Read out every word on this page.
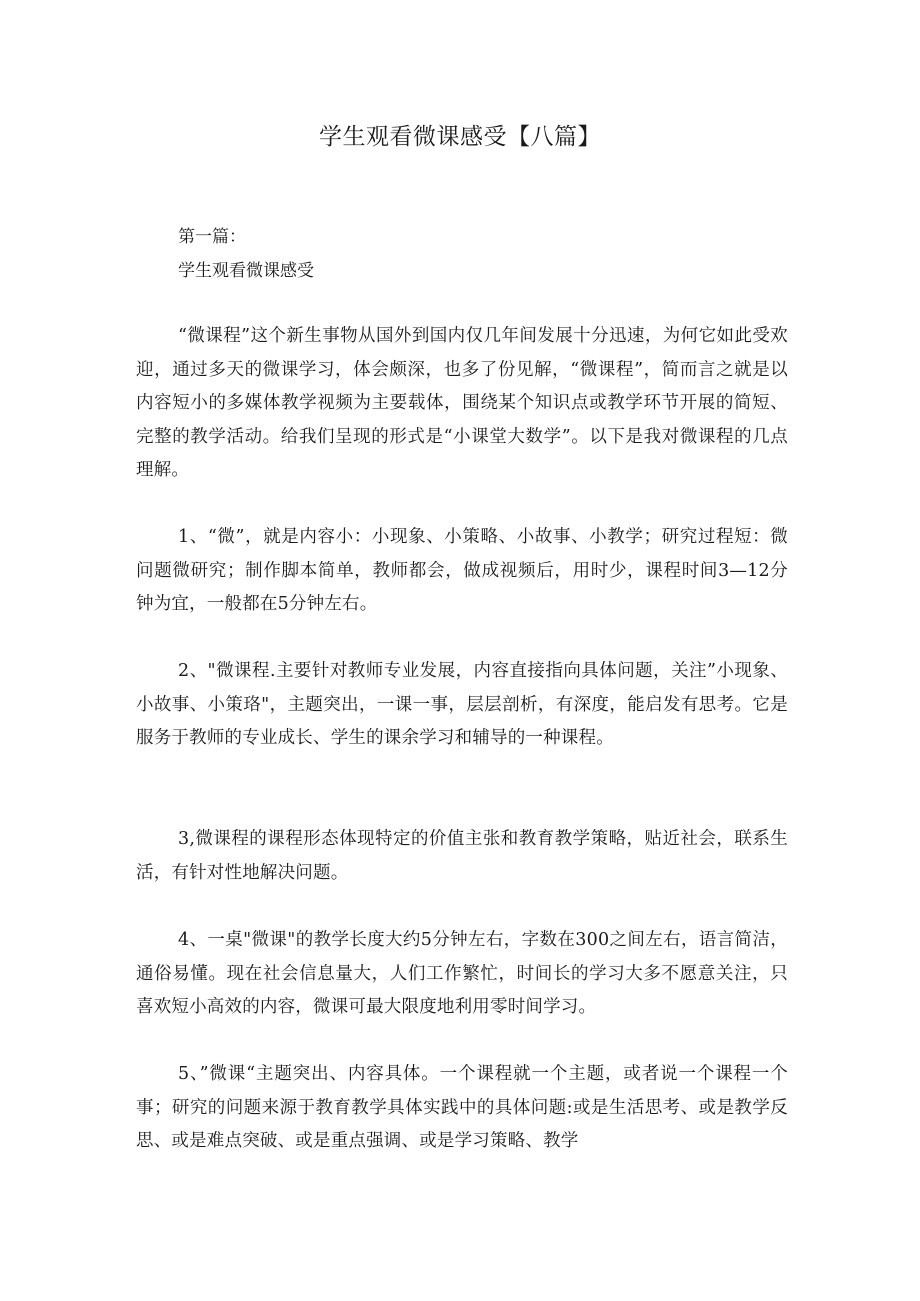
学生观看微课感受【八篇】
第一篇：
学生观看微课感受
“微课程”这个新生事物从国外到国内仅几年间发展十分迅速，为何它如此受欢迎，通过多天的微课学习，体会颇深，也多了份见解，“微课程”，简而言之就是以内容短小的多媒体教学视频为主要载体，围绕某个知识点或教学环节开展的简短、完整的教学活动。给我们呈现的形式是“小课堂大数学”。以下是我对微课程的几点理解。
1、“微”，就是内容小：小现象、小策略、小故事、小教学；研究过程短：微问题微研究；制作脚本简单，教师都会，做成视频后，用时少，课程时间3—12分钟为宜，一般都在5分钟左右。
2、"微课程.主要针对教师专业发展，内容直接指向具体问题，关注”小现象、小故事、小策珞"，主题突出，一课一事，层层剖析，有深度，能启发有思考。它是服务于教师的专业成长、学生的课余学习和辅导的一种课程。
3,微课程的课程形态体现特定的价值主张和教育教学策略，贴近社会，联系生活，有针对性地解决问题。
4、一桌"微课"的教学长度大约5分钟左右，字数在300之间左右，语言简洁，通俗易懂。现在社会信息量大，人们工作繁忙，时间长的学习大多不愿意关注，只喜欢短小高效的内容，微课可最大限度地利用零时间学习。
5、”微课“主题突出、内容具体。一个课程就一个主题，或者说一个课程一个事；研究的问题来源于教育教学具体实践中的具体问题:或是生活思考、或是教学反思、或是难点突破、或是重点强调、或是学习策略、教学
